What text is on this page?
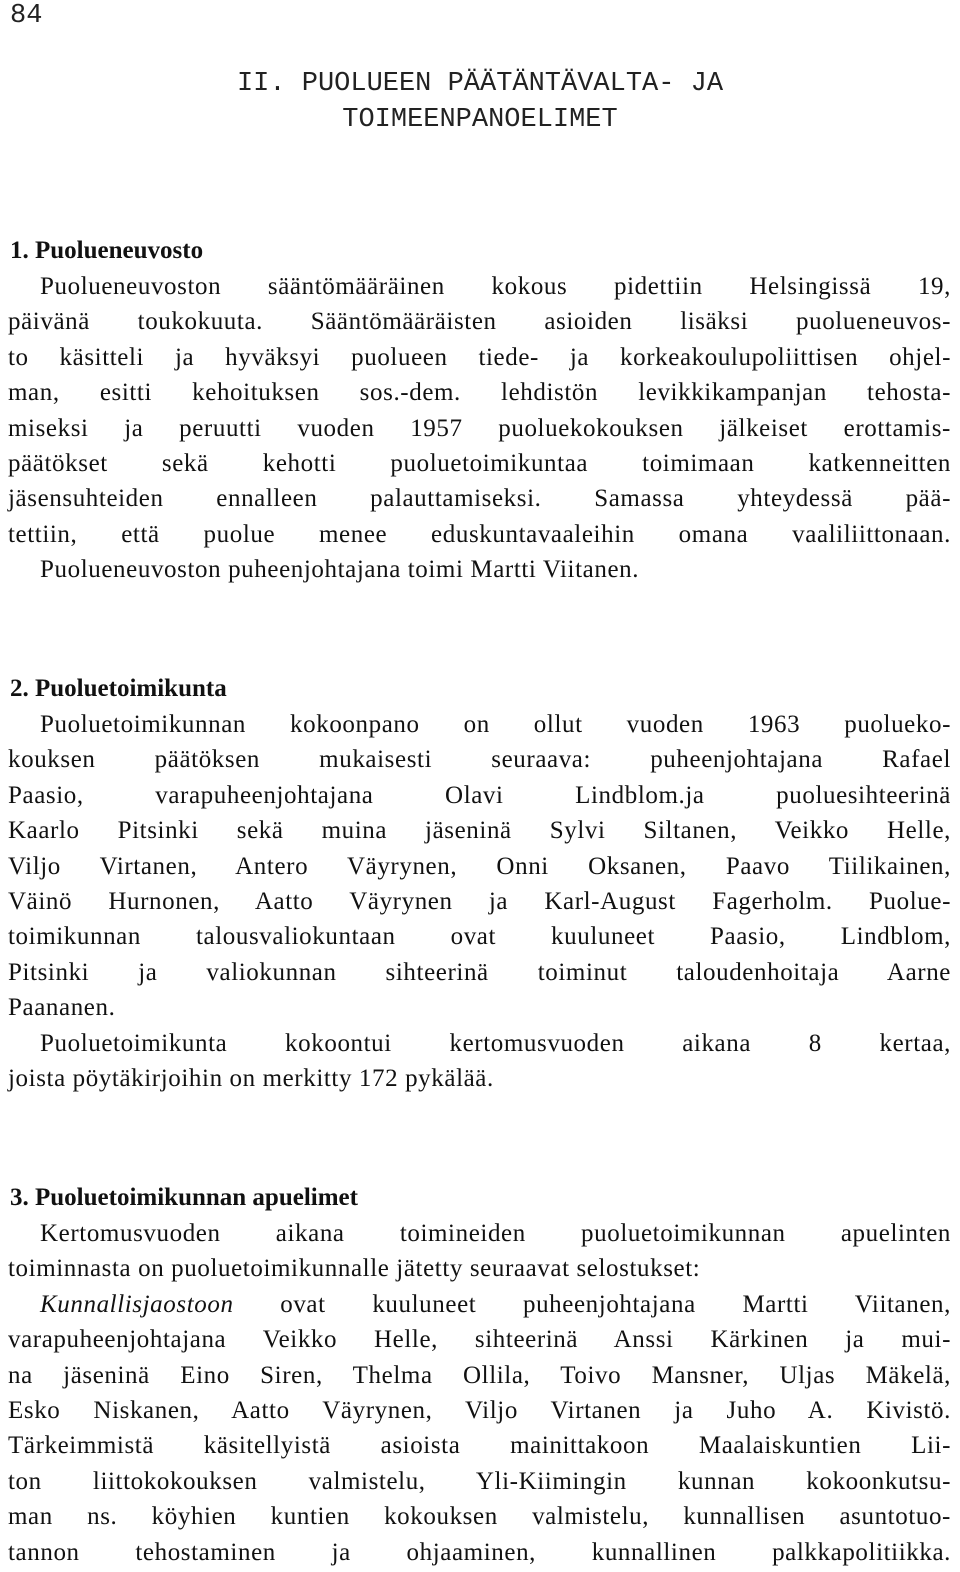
84
II. PUOLUEEN PÄÄTÄNTÄVALTA- JA
TOIMEENPANOELIMET
1. Puolueneuvosto
Puolueneuvoston sääntömääräinen kokous pidettiin Helsingissä 19,
päivänä toukokuuta. Sääntömääräisten asioiden lisäksi puolueneuvos-
to käsitteli ja hyväksyi puolueen tiede- ja korkeakoulupoliittisen ohjel-
man, esitti kehoituksen sos.-dem. lehdistön levikkikampanjan tehosta-
miseksi ja peruutti vuoden 1957 puoluekokouksen jälkeiset erottamis-
päätökset sekä kehotti puoluetoimikuntaa toimimaan katkenneitten
jäsensuhteiden ennalleen palauttamiseksi. Samassa yhteydessä pää-
tettiin, että puolue menee eduskuntavaaleihin omana vaaliliittonaan.
Puolueneuvoston puheenjohtajana toimi Martti Viitanen.
2. Puoluetoimikunta
Puoluetoimikunnan kokoonpano on ollut vuoden 1963 puolueko-
kouksen päätöksen mukaisesti seuraava: puheenjohtajana Rafael
Paasio, varapuheenjohtajana Olavi Lindblom.ja puoluesihteerinä
Kaarlo Pitsinki sekä muina jäseninä Sylvi Siltanen, Veikko Helle,
Viljo Virtanen, Antero Väyrynen, Onni Oksanen, Paavo Tiilikainen,
Väinö Hurnonen, Aatto Väyrynen ja Karl-August Fagerholm. Puolue-
toimikunnan talousvaliokuntaan ovat kuuluneet Paasio, Lindblom,
Pitsinki ja valiokunnan sihteerinä toiminut taloudenhoitaja Aarne
Paananen.
Puoluetoimikunta kokoontui kertomusvuoden aikana 8 kertaa,
joista pöytäkirjoihin on merkitty 172 pykälää.
3. Puoluetoimikunnan apuelimet
Kertomusvuoden aikana toimineiden puoluetoimikunnan apuelinten
toiminnasta on puoluetoimikunnalle jätetty seuraavat selostukset:
Kunnallisjaostoon ovat kuuluneet puheenjohtajana Martti Viitanen,
varapuheenjohtajana Veikko Helle, sihteerinä Anssi Kärkinen ja mui-
na jäseninä Eino Siren, Thelma Ollila, Toivo Mansner, Uljas Mäkelä,
Esko Niskanen, Aatto Väyrynen, Viljo Virtanen ja Juho A. Kivistö.
Tärkeimmistä käsitellyistä asioista mainittakoon Maalaiskuntien Lii-
ton liittokokouksen valmistelu, Yli-Kiimingin kunnan kokoonkutsu-
man ns. köyhien kuntien kokouksen valmistelu, kunnallisen asuntotuo-
tannon tehostaminen ja ohjaaminen, kunnallinen palkkapolitiikka.
